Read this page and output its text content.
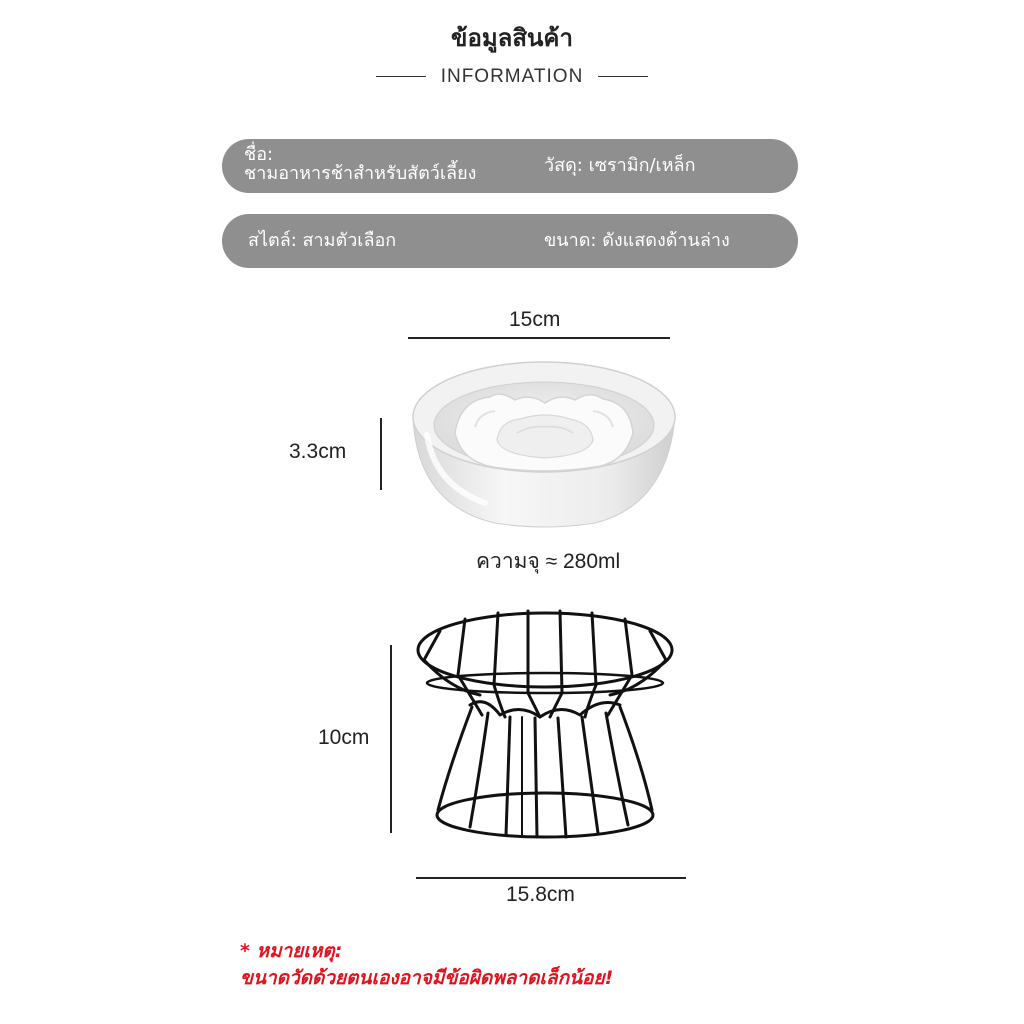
ข้อมูลสินค้า
INFORMATION
ชื่อ:
ชามอาหารช้าสำหรับสัตว์เลี้ยง	วัสดุ: เซรามิก/เหล็ก
สไตล์: สามตัวเลือก	ขนาด: ดังแสดงด้านล่าง
15cm
3.3cm
ความจุ ≈ 280ml
10cm
15.8cm
* หมายเหตุ:
ขนาดวัดด้วยตนเองอาจมีข้อผิดพลาดเล็กน้อย!
